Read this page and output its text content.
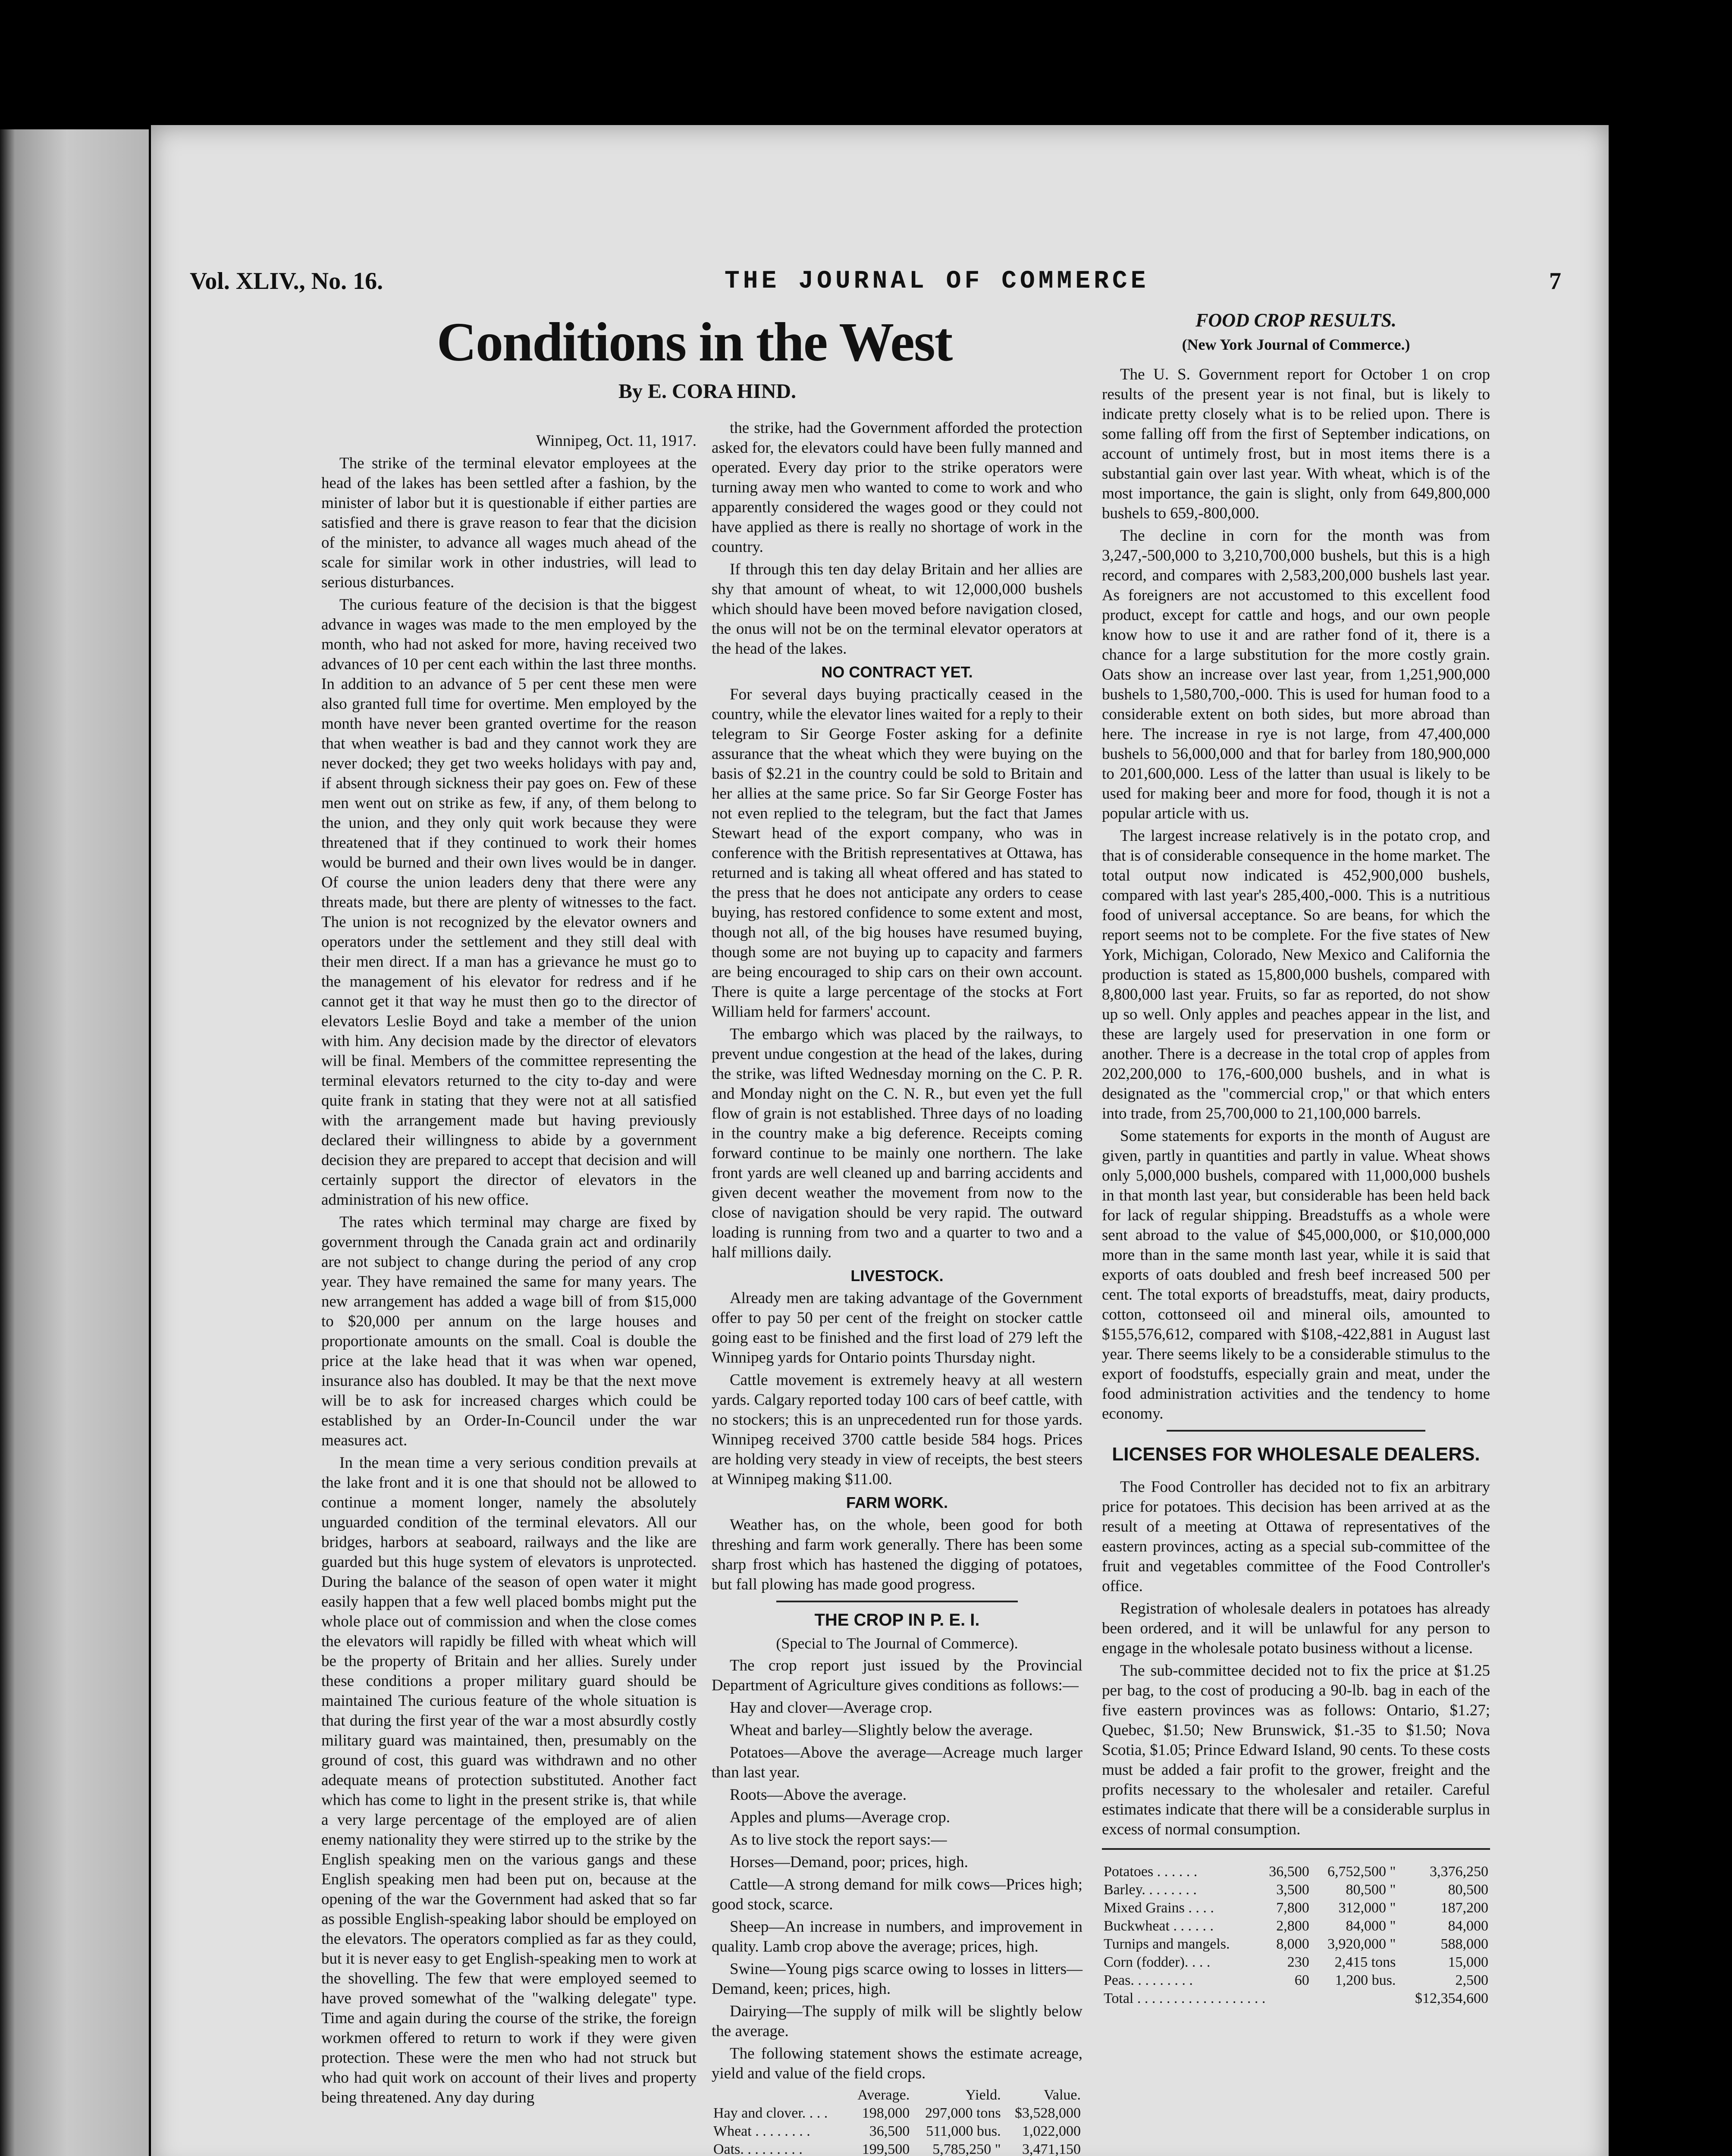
Vol. XLIV., No. 16.	THE JOURNAL OF COMMERCE	7
Conditions in the West
By E. CORA HIND.

Winnipeg, Oct. 11, 1917.

The strike of the terminal elevator employees at the head of the lakes has been settled after a fashion, by the minister of labor but it is questionable if either parties are satisfied and there is grave reason to fear that the dicision of the minister, to advance all wages much ahead of the scale for similar work in other industries, will lead to serious disturbances.

The curious feature of the decision is that the biggest advance in wages was made to the men employed by the month, who had not asked for more, having received two advances of 10 per cent each within the last three months. In addition to an advance of 5 per cent these men were also granted full time for overtime. Men employed by the month have never been granted overtime for the reason that when weather is bad and they cannot work they are never docked; they get two weeks holidays with pay and, if absent through sickness their pay goes on. Few of these men went out on strike as few, if any, of them belong to the union, and they only quit work because they were threatened that if they continued to work their homes would be burned and their own lives would be in danger. Of course the union leaders deny that there were any threats made, but there are plenty of witnesses to the fact. The union is not recognized by the elevator owners and operators under the settlement and they still deal with their men direct. If a man has a grievance he must go to the management of his elevator for redress and if he cannot get it that way he must then go to the director of elevators Leslie Boyd and take a member of the union with him. Any decision made by the director of elevators will be final. Members of the committee representing the terminal elevators returned to the city to-day and were quite frank in stating that they were not at all satisfied with the arrangement made but having previously declared their willingness to abide by a government decision they are prepared to accept that decision and will certainly support the director of elevators in the administration of his new office.

The rates which terminal may charge are fixed by government through the Canada grain act and ordinarily are not subject to change during the period of any crop year. They have remained the same for many years. The new arrangement has added a wage bill of from $15,000 to $20,000 per annum on the large houses and proportionate amounts on the small. Coal is double the price at the lake head that it was when war opened, insurance also has doubled. It may be that the next move will be to ask for increased charges which could be established by an Order-In-Council under the war measures act.

In the mean time a very serious condition prevails at the lake front and it is one that should not be allowed to continue a moment longer, namely the absolutely unguarded condition of the terminal elevators. All our bridges, harbors at seaboard, railways and the like are guarded but this huge system of elevators is unprotected. During the balance of the season of open water it might easily happen that a few well placed bombs might put the whole place out of commission and when the close comes the elevators will rapidly be filled with wheat which will be the property of Britain and her allies. Surely under these conditions a proper military guard should be maintained The curious feature of the whole situation is that during the first year of the war a most absurdly costly military guard was maintained, then, presumably on the ground of cost, this guard was withdrawn and no other adequate means of protection substituted. Another fact which has come to light in the present strike is, that while a very large percentage of the employed are of alien enemy nationality they were stirred up to the strike by the English speaking men on the various gangs and these English speaking men had been put on, because at the opening of the war the Government had asked that so far as possible English-speaking labor should be employed on the elevators. The operators complied as far as they could, but it is never easy to get English-speaking men to work at the shovelling. The few that were employed seemed to have proved somewhat of the "walking delegate" type. Time and again during the course of the strike, the foreign workmen offered to return to work if they were given protection. These were the men who had not struck but who had quit work on account of their lives and property being threatened. Any day during

the strike, had the Government afforded the protection asked for, the elevators could have been fully manned and operated. Every day prior to the strike operators were turning away men who wanted to come to work and who apparently considered the wages good or they could not have applied as there is really no shortage of work in the country.

If through this ten day delay Britain and her allies are shy that amount of wheat, to wit 12,000,000 bushels which should have been moved before navigation closed, the onus will not be on the terminal elevator operators at the head of the lakes.

NO CONTRACT YET.

For several days buying practically ceased in the country, while the elevator lines waited for a reply to their telegram to Sir George Foster asking for a definite assurance that the wheat which they were buying on the basis of $2.21 in the country could be sold to Britain and her allies at the same price. So far Sir George Foster has not even replied to the telegram, but the fact that James Stewart head of the export company, who was in conference with the British representatives at Ottawa, has returned and is taking all wheat offered and has stated to the press that he does not anticipate any orders to cease buying, has restored confidence to some extent and most, though not all, of the big houses have resumed buying, though some are not buying up to capacity and farmers are being encouraged to ship cars on their own account. There is quite a large percentage of the stocks at Fort William held for farmers' account.

The embargo which was placed by the railways, to prevent undue congestion at the head of the lakes, during the strike, was lifted Wednesday morning on the C. P. R. and Monday night on the C. N. R., but even yet the full flow of grain is not established. Three days of no loading in the country make a big deference. Receipts coming forward continue to be mainly one northern. The lake front yards are well cleaned up and barring accidents and given decent weather the movement from now to the close of navigation should be very rapid. The outward loading is running from two and a quarter to two and a half millions daily.

LIVESTOCK.

Already men are taking advantage of the Government offer to pay 50 per cent of the freight on stocker cattle going east to be finished and the first load of 279 left the Winnipeg yards for Ontario points Thursday night.

Cattle movement is extremely heavy at all western yards. Calgary reported today 100 cars of beef cattle, with no stockers; this is an unprecedented run for those yards. Winnipeg received 3700 cattle beside 584 hogs. Prices are holding very steady in view of receipts, the best steers at Winnipeg making $11.00.

FARM WORK.

Weather has, on the whole, been good for both threshing and farm work generally. There has been some sharp frost which has hastened the digging of potatoes, but fall plowing has made good progress.

THE CROP IN P. E. I.

(Special to The Journal of Commerce).

The crop report just issued by the Provincial Department of Agriculture gives conditions as follows:—

Hay and clover—Average crop.

Wheat and barley—Slightly below the average.

Potatoes—Above the average—Acreage much larger than last year.

Roots—Above the average.

Apples and plums—Average crop.

As to live stock the report says:—

Horses—Demand, poor; prices, high.

Cattle—A strong demand for milk cows—Prices high; good stock, scarce.

Sheep—An increase in numbers, and improvement in quality. Lamb crop above the average; prices, high.

Swine—Young pigs scarce owing to losses in litters—Demand, keen; prices, high.

Dairying—The supply of milk will be slightly below the average.

The following statement shows the estimate acreage, yield and value of the field crops.

	Average.	Yield.	Value.
Hay and clover. . . .	198,000	297,000 tons	$3,528,000
Wheat . . . . . . . .	36,500	511,000 bus.	1,022,000
Oats. . . . . . . . .	199,500	5,785,250 "	3,471,150

FOOD CROP RESULTS.

(New York Journal of Commerce.)

The U. S. Government report for October 1 on crop results of the present year is not final, but is likely to indicate pretty closely what is to be relied upon. There is some falling off from the first of September indications, on account of untimely frost, but in most items there is a substantial gain over last year. With wheat, which is of the most importance, the gain is slight, only from 649,800,000 bushels to 659,-800,000.

The decline in corn for the month was from 3,247,-500,000 to 3,210,700,000 bushels, but this is a high record, and compares with 2,583,200,000 bushels last year. As foreigners are not accustomed to this excellent food product, except for cattle and hogs, and our own people know how to use it and are rather fond of it, there is a chance for a large substitution for the more costly grain. Oats show an increase over last year, from 1,251,900,000 bushels to 1,580,700,-000. This is used for human food to a considerable extent on both sides, but more abroad than here. The increase in rye is not large, from 47,400,000 bushels to 56,000,000 and that for barley from 180,900,000 to 201,600,000. Less of the latter than usual is likely to be used for making beer and more for food, though it is not a popular article with us.

The largest increase relatively is in the potato crop, and that is of considerable consequence in the home market. The total output now indicated is 452,900,000 bushels, compared with last year's 285,400,-000. This is a nutritious food of universal acceptance. So are beans, for which the report seems not to be complete. For the five states of New York, Michigan, Colorado, New Mexico and California the production is stated as 15,800,000 bushels, compared with 8,800,000 last year. Fruits, so far as reported, do not show up so well. Only apples and peaches appear in the list, and these are largely used for preservation in one form or another. There is a decrease in the total crop of apples from 202,200,000 to 176,-600,000 bushels, and in what is designated as the "commercial crop," or that which enters into trade, from 25,700,000 to 21,100,000 barrels.

Some statements for exports in the month of August are given, partly in quantities and partly in value. Wheat shows only 5,000,000 bushels, compared with 11,000,000 bushels in that month last year, but considerable has been held back for lack of regular shipping. Breadstuffs as a whole were sent abroad to the value of $45,000,000, or $10,000,000 more than in the same month last year, while it is said that exports of oats doubled and fresh beef increased 500 per cent. The total exports of breadstuffs, meat, dairy products, cotton, cottonseed oil and mineral oils, amounted to $155,576,612, compared with $108,-422,881 in August last year. There seems likely to be a considerable stimulus to the export of foodstuffs, especially grain and meat, under the food administration activities and the tendency to home economy.

LICENSES FOR WHOLESALE DEALERS.

The Food Controller has decided not to fix an arbitrary price for potatoes. This decision has been arrived at as the result of a meeting at Ottawa of representatives of the eastern provinces, acting as a special sub-committee of the fruit and vegetables committee of the Food Controller's office.

Registration of wholesale dealers in potatoes has already been ordered, and it will be unlawful for any person to engage in the wholesale potato business without a license.

The sub-committee decided not to fix the price at $1.25 per bag, to the cost of producing a 90-lb. bag in each of the five eastern provinces was as follows: Ontario, $1.27; Quebec, $1.50; New Brunswick, $1.-35 to $1.50; Nova Scotia, $1.05; Prince Edward Island, 90 cents. To these costs must be added a fair profit to the grower, freight and the profits necessary to the wholesaler and retailer. Careful estimates indicate that there will be a considerable surplus in excess of normal consumption.

Potatoes . . . . . .	36,500	6,752,500 "	3,376,250
Barley. . . . . . . .	3,500	80,500 "	80,500
Mixed Grains . . . .	7,800	312,000 "	187,200
Buckwheat . . . . . .	2,800	84,000 "	84,000
Turnips and mangels.	8,000	3,920,000 "	588,000
Corn (fodder). . . .	230	2,415 tons	15,000
Peas. . . . . . . . .	60	1,200 bus.	2,500
Total . . . . . . . . . . . . . . . . . .			$12,354,600
